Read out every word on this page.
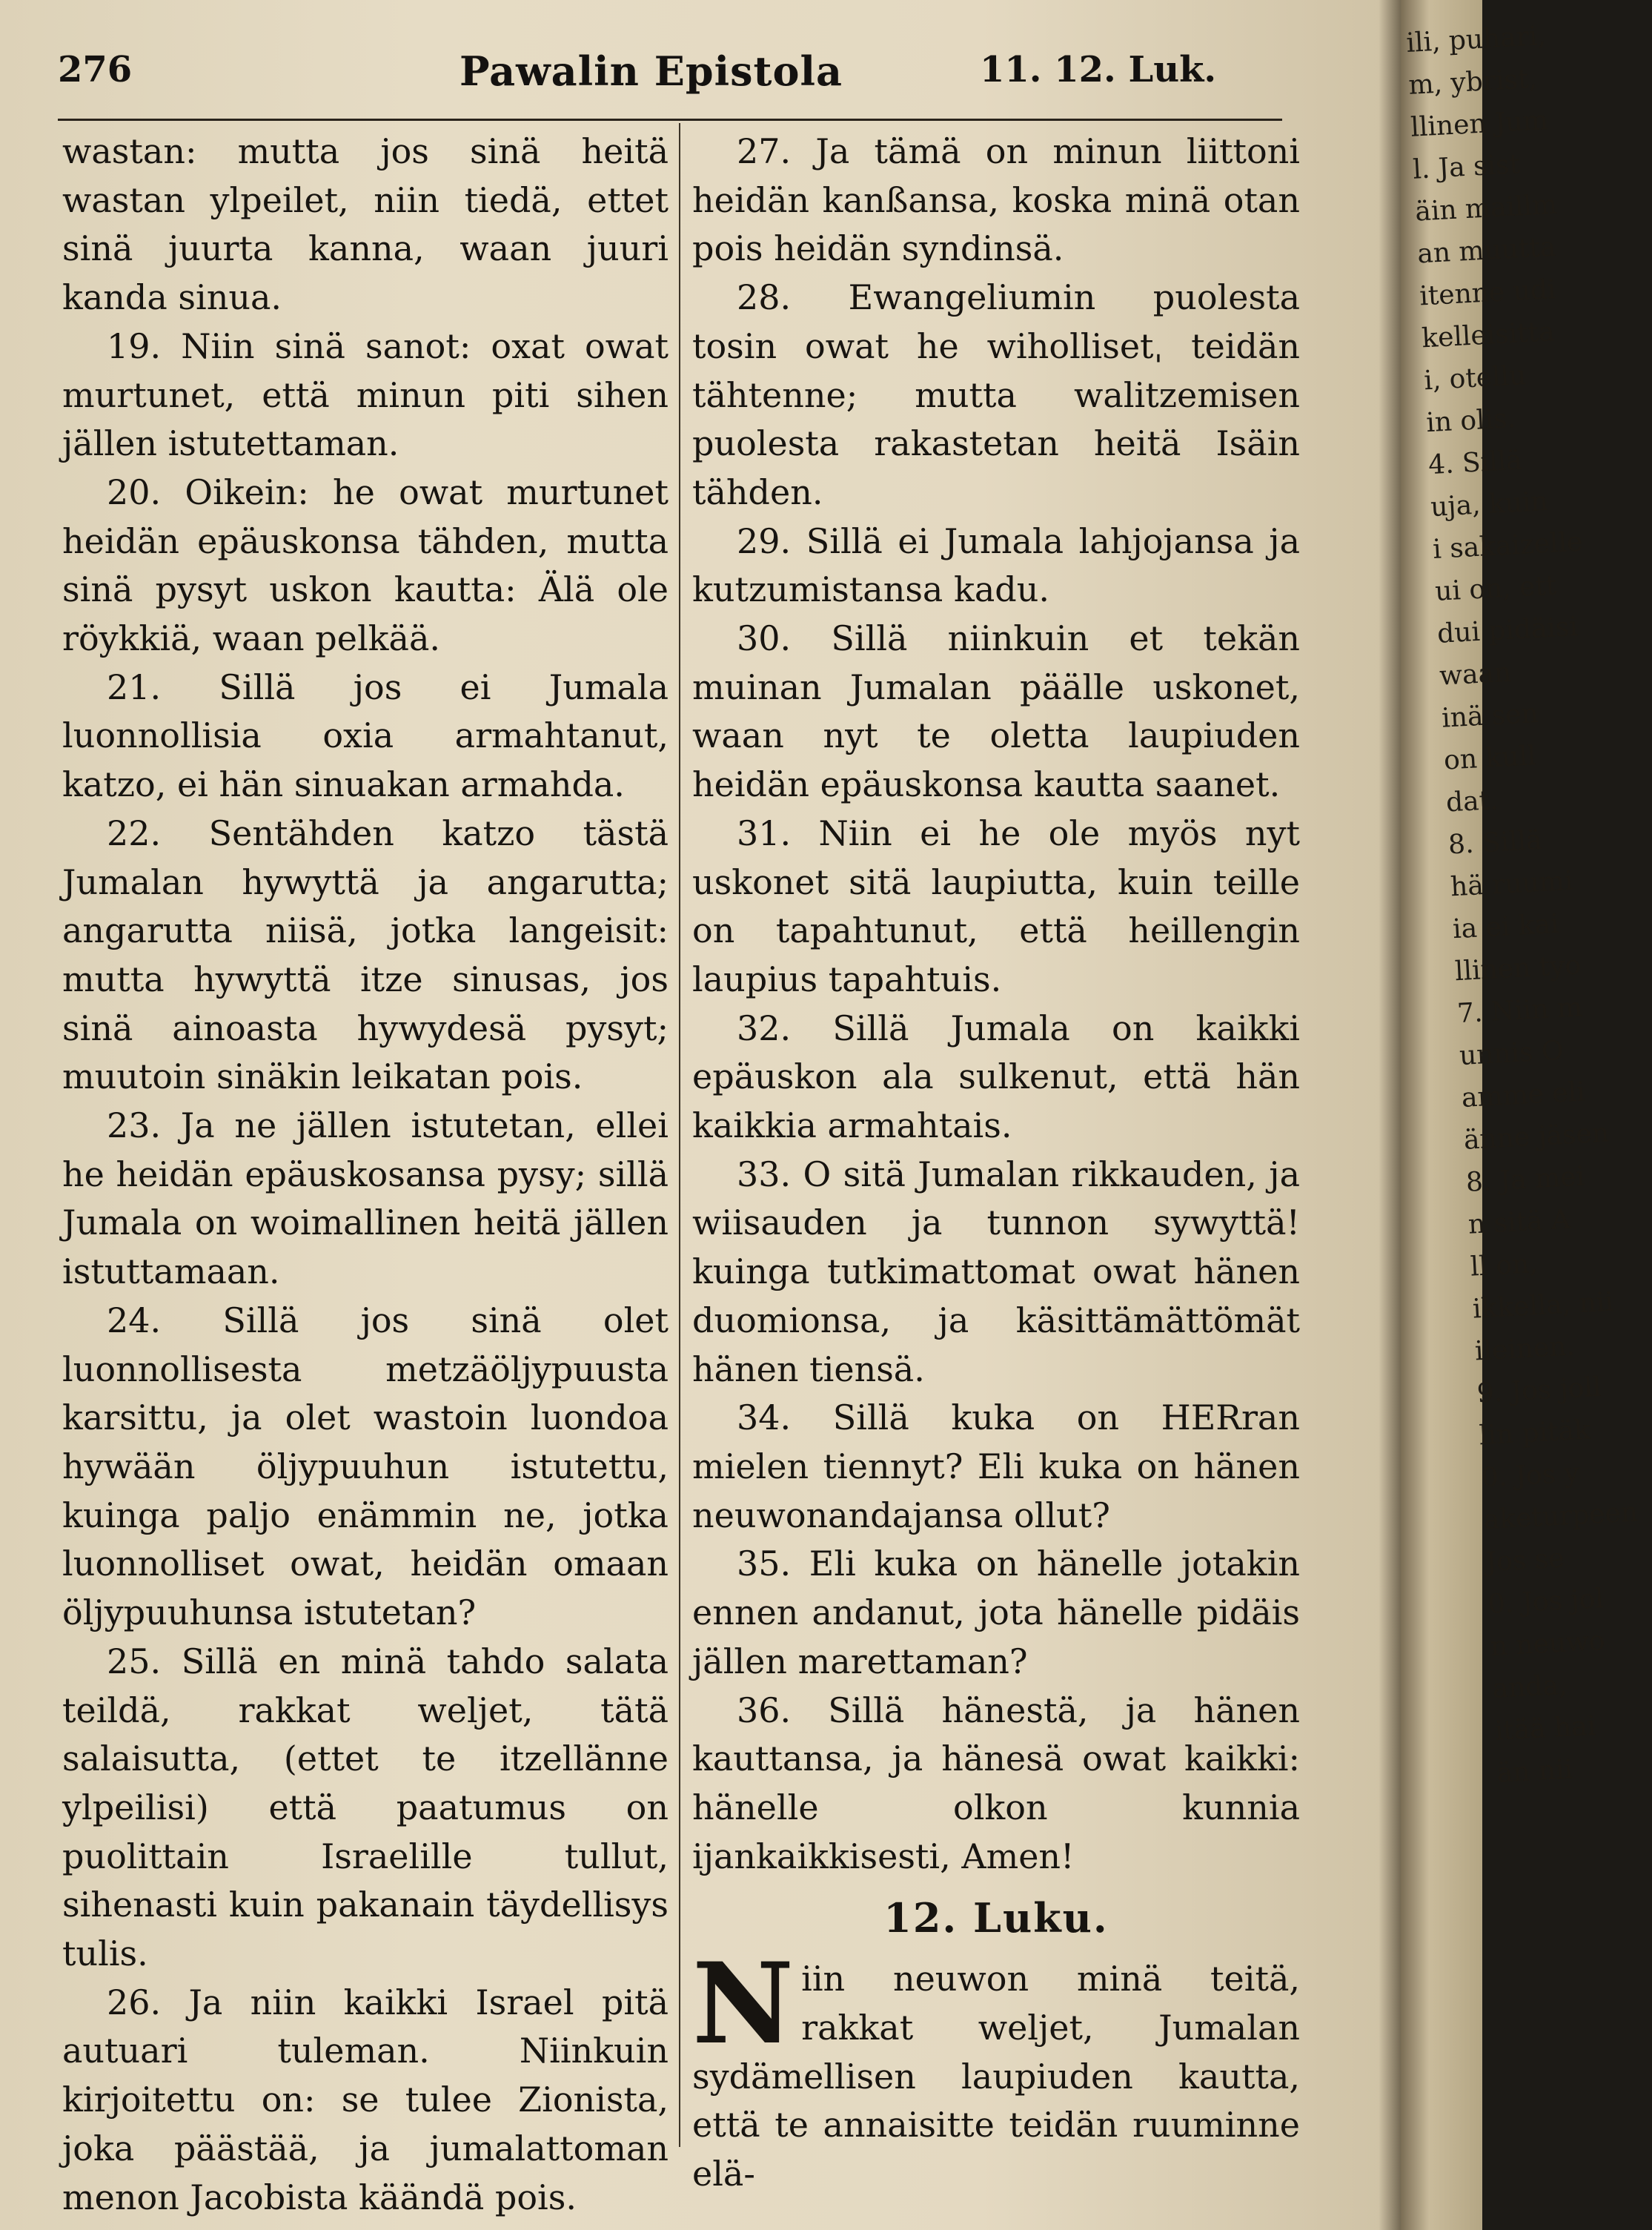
276	Pawalin Epistola	11. 12. Luk.

wastan: mutta jos sinä heitä wastan ylpeilet, niin tiedä, ettet sinä juurta kanna, waan juuri kanda sinua.

19. Niin sinä sanot: oxat owat murtunet, että minun piti sihen jällen istutettaman.

20. Oikein: he owat murtunet heidän epäuskonsa tähden, mutta sinä pysyt uskon kautta: Älä ole röykkiä, waan pelkää.

21. Sillä jos ei Jumala luonnollisia oxia armahtanut, katzo, ei hän sinuakan armahda.

22. Sentähden katzo tästä Jumalan hywyttä ja angarutta; angarutta niisä, jotka langeisit: mutta hywyttä itze sinusas, jos sinä ainoasta hywydesä pysyt; muutoin sinäkin leikatan pois.

23. Ja ne jällen istutetan, ellei he heidän epäuskosansa pysy; sillä Jumala on woimallinen heitä jällen istuttamaan.

24. Sillä jos sinä olet luonnollisesta metzäöljypuusta karsittu, ja olet wastoin luondoa hywään öljypuuhun istutettu, kuinga paljo enämmin ne, jotka luonnolliset owat, heidän omaan öljypuuhunsa istutetan?

25. Sillä en minä tahdo salata teildä, rakkat weljet, tätä salaisutta, (ettet te itzellänne ylpeilisi) että paatumus on puolittain Israelille tullut, sihenasti kuin pakanain täydellisys tulis.

26. Ja niin kaikki Israel pitä autuari tuleman. Niinkuin kirjoitettu on: se tulee Zionista, joka päästää, ja jumalattoman menon Jacobista käändä pois.

27. Ja tämä on minun liittoni heidän kanßansa, koska minä otan pois heidän syndinsä.

28. Ewangeliumin puolesta tosin owat he wihollisetˌ teidän tähtenne; mutta walitzemisen puolesta rakastetan heitä Isäin tähden.

29. Sillä ei Jumala lahjojansa ja kutzumistansa kadu.

30. Sillä niinkuin et tekän muinan Jumalan päälle uskonet, waan nyt te oletta laupiuden heidän epäuskonsa kautta saanet.

31. Niin ei he ole myös nyt uskonet sitä laupiutta, kuin teille on tapahtunut, että heillengin laupius tapahtuis.

32. Sillä Jumala on kaikki epäuskon ala sulkenut, että hän kaikkia armahtais.

33. O sitä Jumalan rikkauden, ja wiisauden ja tunnon sywyttä! kuinga tutkimattomat owat hänen duomionsa, ja käsittämättömät hänen tiensä.

34. Sillä kuka on HERran mielen tiennyt? Eli kuka on hänen neuwonandajansa ollut?

35. Eli kuka on hänelle jotakin ennen andanut, jota hänelle pidäis jällen marettaman?

36. Sillä hänestä, ja hänen kauttansa, ja hänesä owat kaikki: hänelle olkon kunnia ijankaikkisesti, Amen!

12. Luku.

N iin neuwon minä teitä, rakkat weljet, Jumalan sydämellisen laupiuden kautta, että te annaisitte teidän ruuminne elä-

ili, puhari,
m, ybrist,
llinen Jum
l. Ja sist
äin maillm
an muutta
itenne udi
kelleisitta
i, otellu
in olis.
4. Sillä
uja, kuin
i sakaizelle
ui on, ett
dui pidäisi
waan
inä sen
on kull
dat.
8. Sillä
hä ruumi
ia ei kai
llinen tyo
7. Niin m
unnis O
amme eli
änne jäsen
8. Ja mei
n sitä A
ll on,
ikkella, nii
ileinen.
9. Jos joll
lin pitäk
0. Jos y
aketurpeen
Jos se
0. Jos jol
n neuwo
anda,
itää hai
än nii
